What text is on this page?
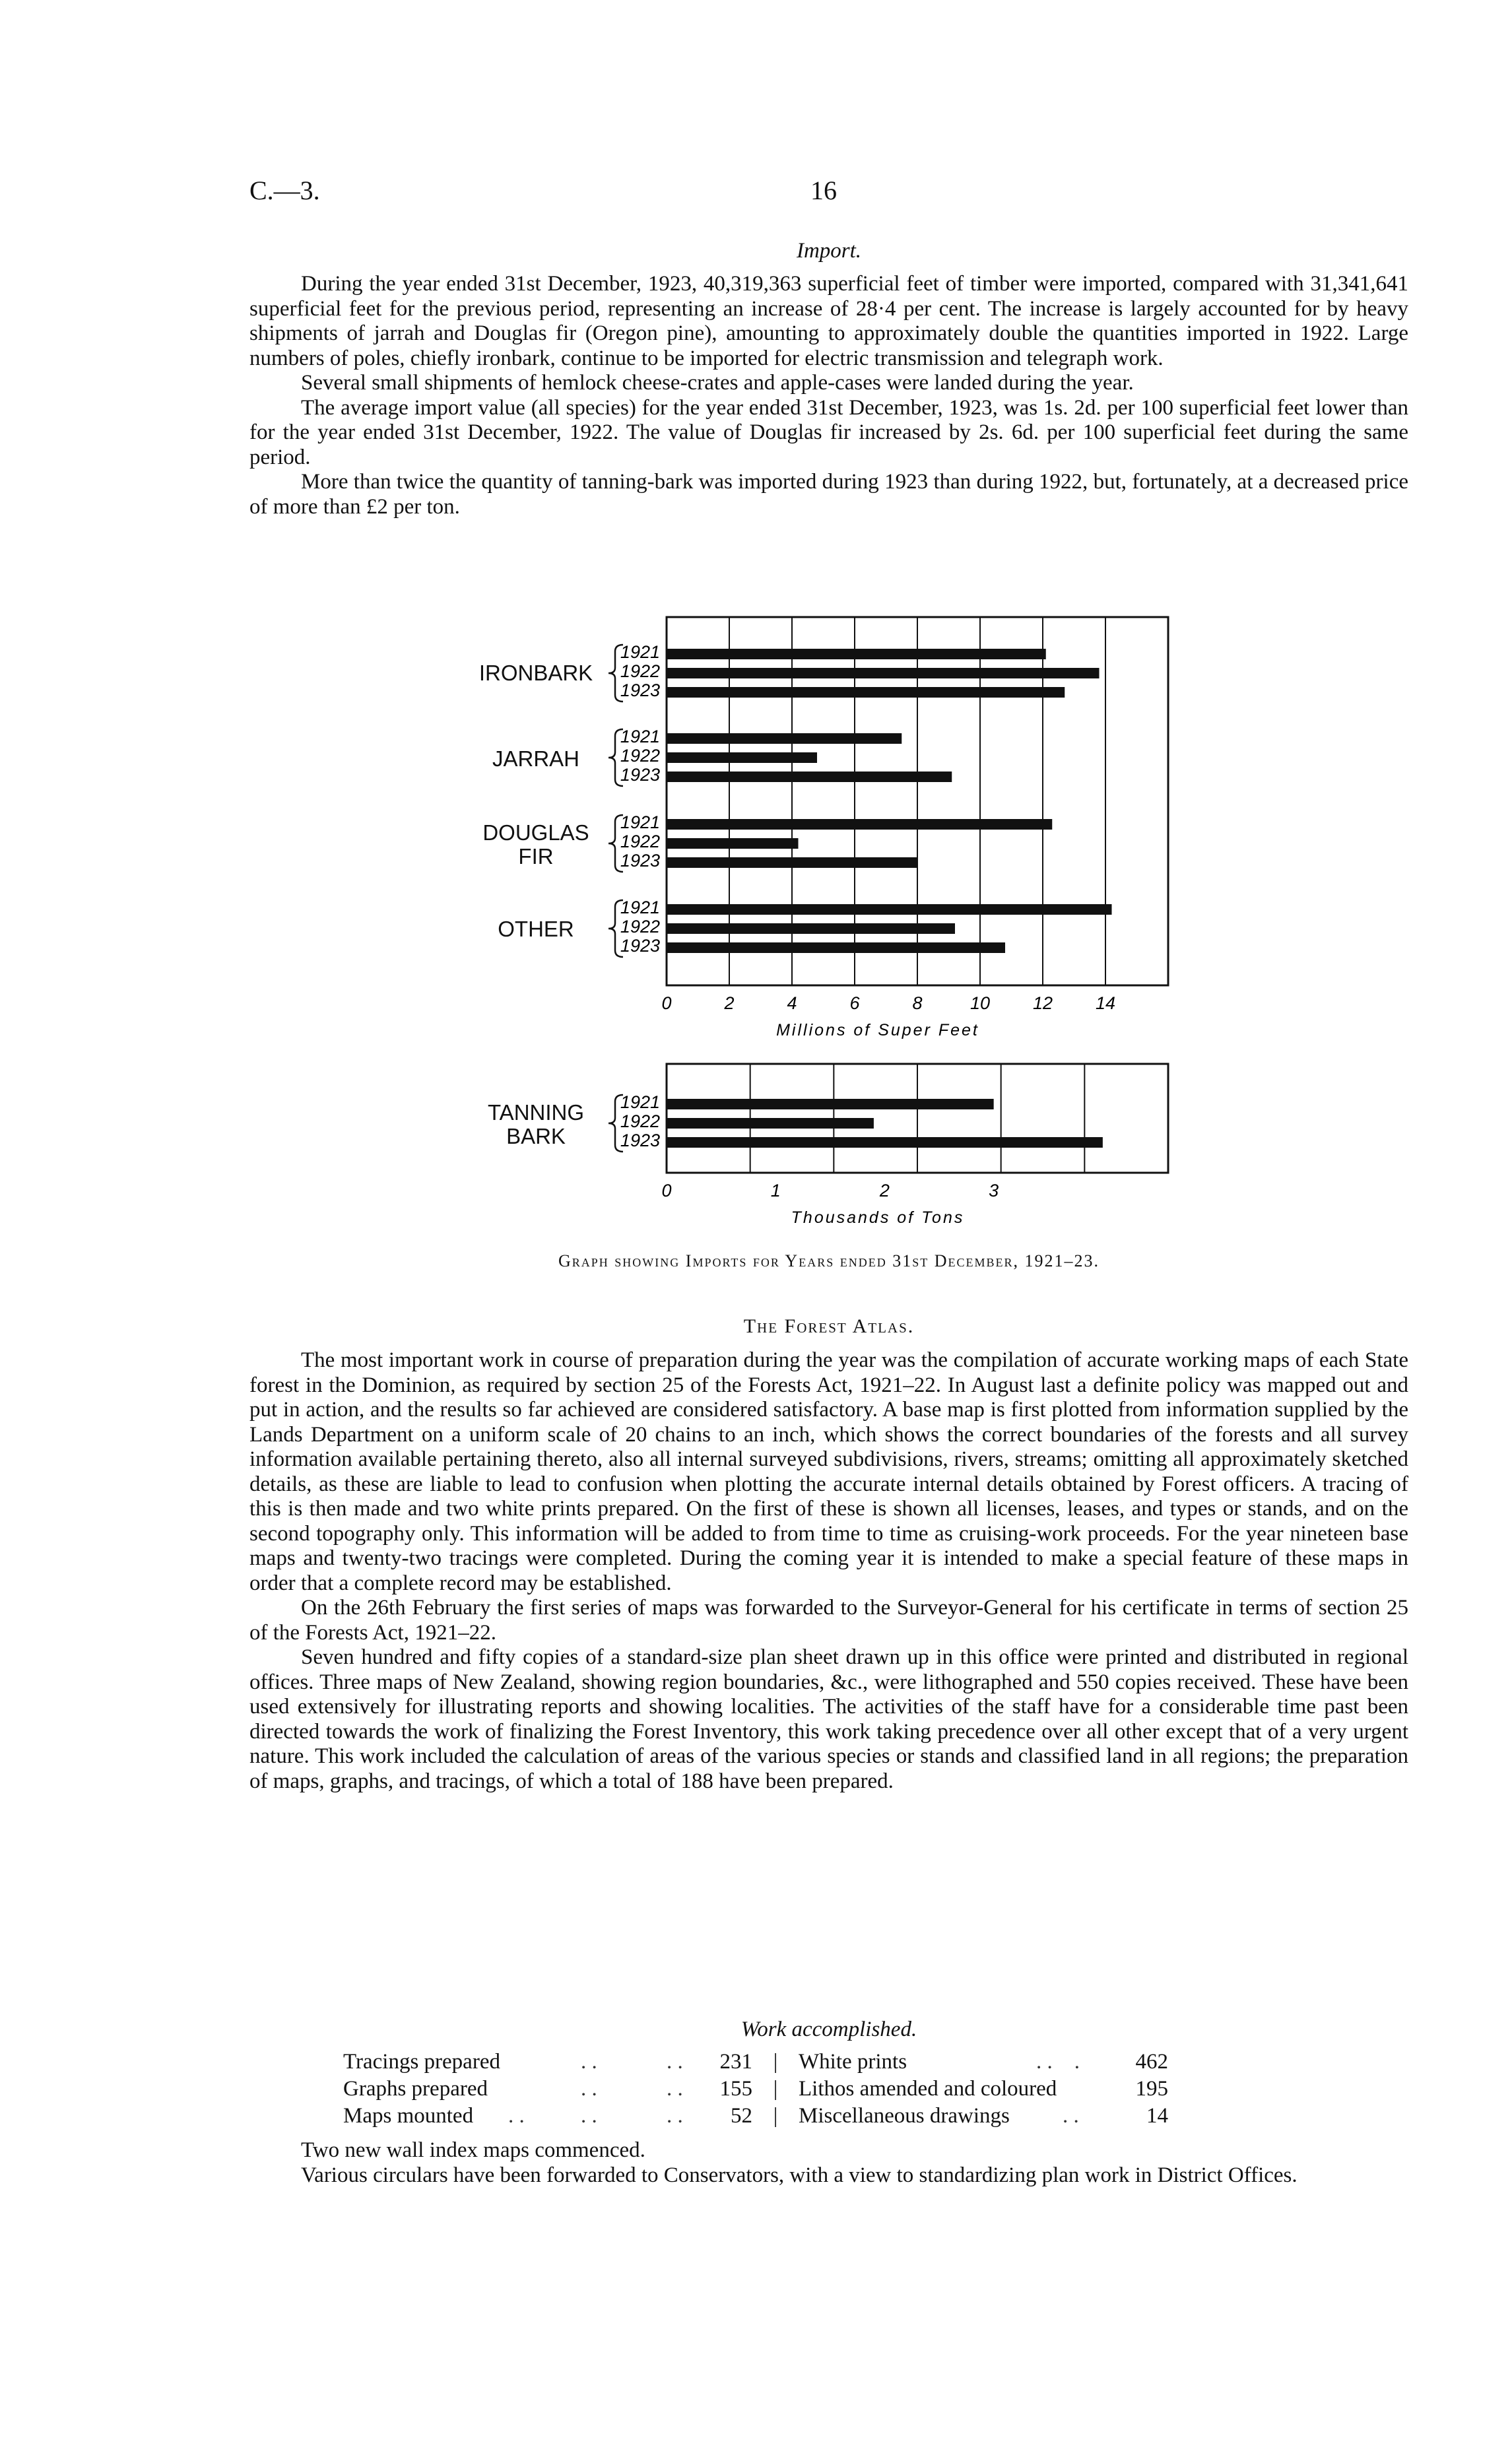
C.—3.	16
Import.

During the year ended 31st December, 1923, 40,319,363 superficial feet of timber were imported, compared with 31,341,641 superficial feet for the previous period, representing an increase of 28·4 per cent. The increase is largely accounted for by heavy shipments of jarrah and Douglas fir (Oregon pine), amounting to approximately double the quantities imported in 1922. Large numbers of poles, chiefly ironbark, continue to be imported for electric transmission and telegraph work.

Several small shipments of hemlock cheese-crates and apple-cases were landed during the year.

The average import value (all species) for the year ended 31st December, 1923, was 1s. 2d. per 100 superficial feet lower than for the year ended 31st December, 1922. The value of Douglas fir increased by 2s. 6d. per 100 superficial feet during the same period.

More than twice the quantity of tanning-bark was imported during 1923 than during 1922, but, fortunately, at a decreased price of more than £2 per ton.

IRONBARK
JARRAH
DOUGLAS
FIR
OTHER
TANNING
BARK
1921
1922
1923
1921
1922
1923
1921
1922
1923
1921
1922
1923
0	2	4	6	8	10 12 14
Millions of Super Feet
1921
1922
1923
0	1	2	3
Thousands of Tons
Graph showing Imports for Years ended 31st December, 1921–23.
The Forest Atlas.

The most important work in course of preparation during the year was the compilation of accurate working maps of each State forest in the Dominion, as required by section 25 of the Forests Act, 1921–22. In August last a definite policy was mapped out and put in action, and the results so far achieved are considered satisfactory. A base map is first plotted from information supplied by the Lands Department on a uniform scale of 20 chains to an inch, which shows the correct boundaries of the forests and all survey information available pertaining thereto, also all internal surveyed subdivisions, rivers, streams; omitting all approximately sketched details, as these are liable to lead to confusion when plotting the accurate internal details obtained by Forest officers. A tracing of this is then made and two white prints prepared. On the first of these is shown all licenses, leases, and types or stands, and on the second topography only. This information will be added to from time to time as cruising-work proceeds. For the year nineteen base maps and twenty-two tracings were completed. During the coming year it is intended to make a special feature of these maps in order that a complete record may be established.

On the 26th February the first series of maps was forwarded to the Surveyor-General for his certificate in terms of section 25 of the Forests Act, 1921–22.

Seven hundred and fifty copies of a standard-size plan sheet drawn up in this office were printed and distributed in regional offices. Three maps of New Zealand, showing region boundaries, &c., were lithographed and 550 copies received. These have been used extensively for illustrating reports and showing localities. The activities of the staff have for a considerable time past been directed towards the work of finalizing the Forest Inventory, this work taking precedence over all other except that of a very urgent nature. This work included the calculation of areas of the various species or stands and classified land in all regions; the preparation of maps, graphs, and tracings, of which a total of 188 have been prepared.

Work accomplished.
Tracings prepared	. .	. .	231 | White prints	. .    .	462
Graphs prepared	. .	. .	155 | Lithos amended and coloured	195
Maps mounted	. .	. .	. .	52 | Miscellaneous drawings	. .	14

Two new wall index maps commenced.

Various circulars have been forwarded to Conservators, with a view to standardizing plan work in District Offices.
